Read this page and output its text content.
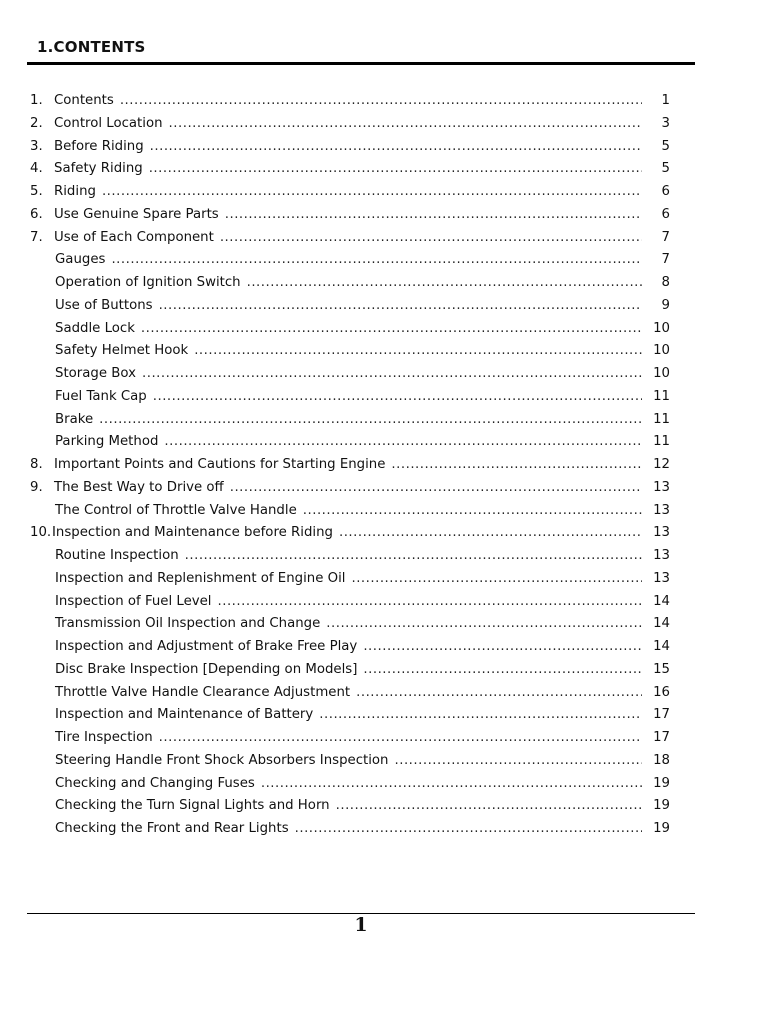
1.CONTENTS
1. Contents .....	1
2. Control Location .....	3
3. Before Riding .....	5
4. Safety Riding .....	5
5. Riding .....	6
6. Use Genuine Spare Parts .....	6
7. Use of Each Component .....	7
Gauges .....	7
Operation of Ignition Switch .....	8
Use of Buttons .....	9
Saddle Lock .....	10
Safety Helmet Hook .....	10
Storage Box .....	10
Fuel Tank Cap .....	11
Brake .....	11
Parking Method .....	11
8. Important Points and Cautions for Starting Engine .....	12
9. The Best Way to Drive off .....	13
The Control of Throttle Valve Handle .....	13
10. Inspection and Maintenance before Riding .....	13
Routine Inspection .....	13
Inspection and Replenishment of Engine Oil .....	13
Inspection of Fuel Level .....	14
Transmission Oil Inspection and Change .....	14
Inspection and Adjustment of Brake Free Play .....	14
Disc Brake Inspection [Depending on Models] .....	15
Throttle Valve Handle Clearance Adjustment .....	16
Inspection and Maintenance of Battery .....	17
Tire Inspection .....	17
Steering Handle Front Shock Absorbers Inspection .....	18
Checking and Changing Fuses .....	19
Checking the Turn Signal Lights and Horn .....	19
Checking the Front and Rear Lights .....	19
1
